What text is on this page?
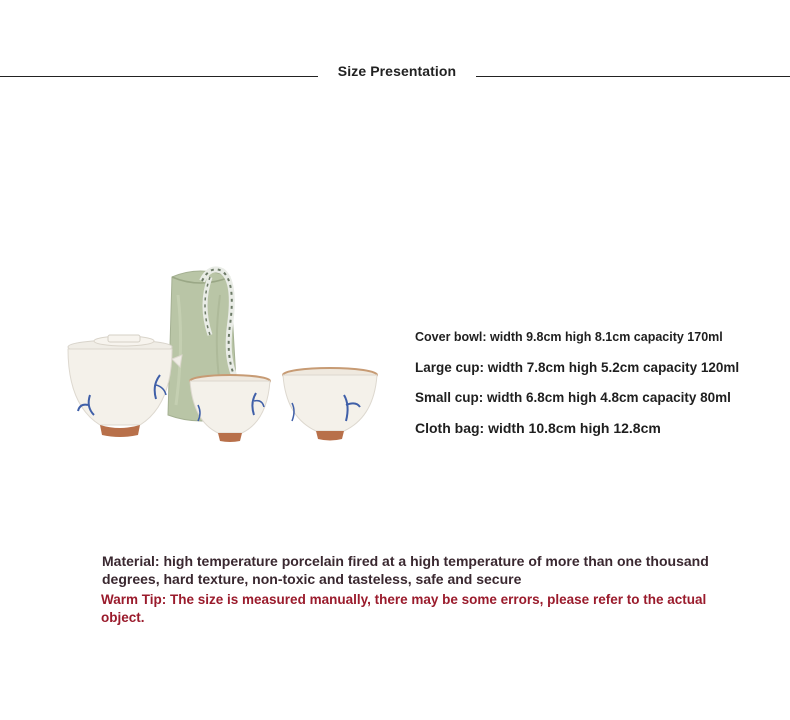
Size Presentation
Cover bowl: width 9.8cm high 8.1cm capacity 170ml
Large cup: width 7.8cm high 5.2cm capacity 120ml
Small cup: width 6.8cm high 4.8cm capacity 80ml
Cloth bag: width 10.8cm high 12.8cm
Material: high temperature porcelain fired at a high temperature of more than one thousand degrees, hard texture, non-toxic and tasteless, safe and secure
Warm Tip: The size is measured manually, there may be some errors, please refer to the actual object.
